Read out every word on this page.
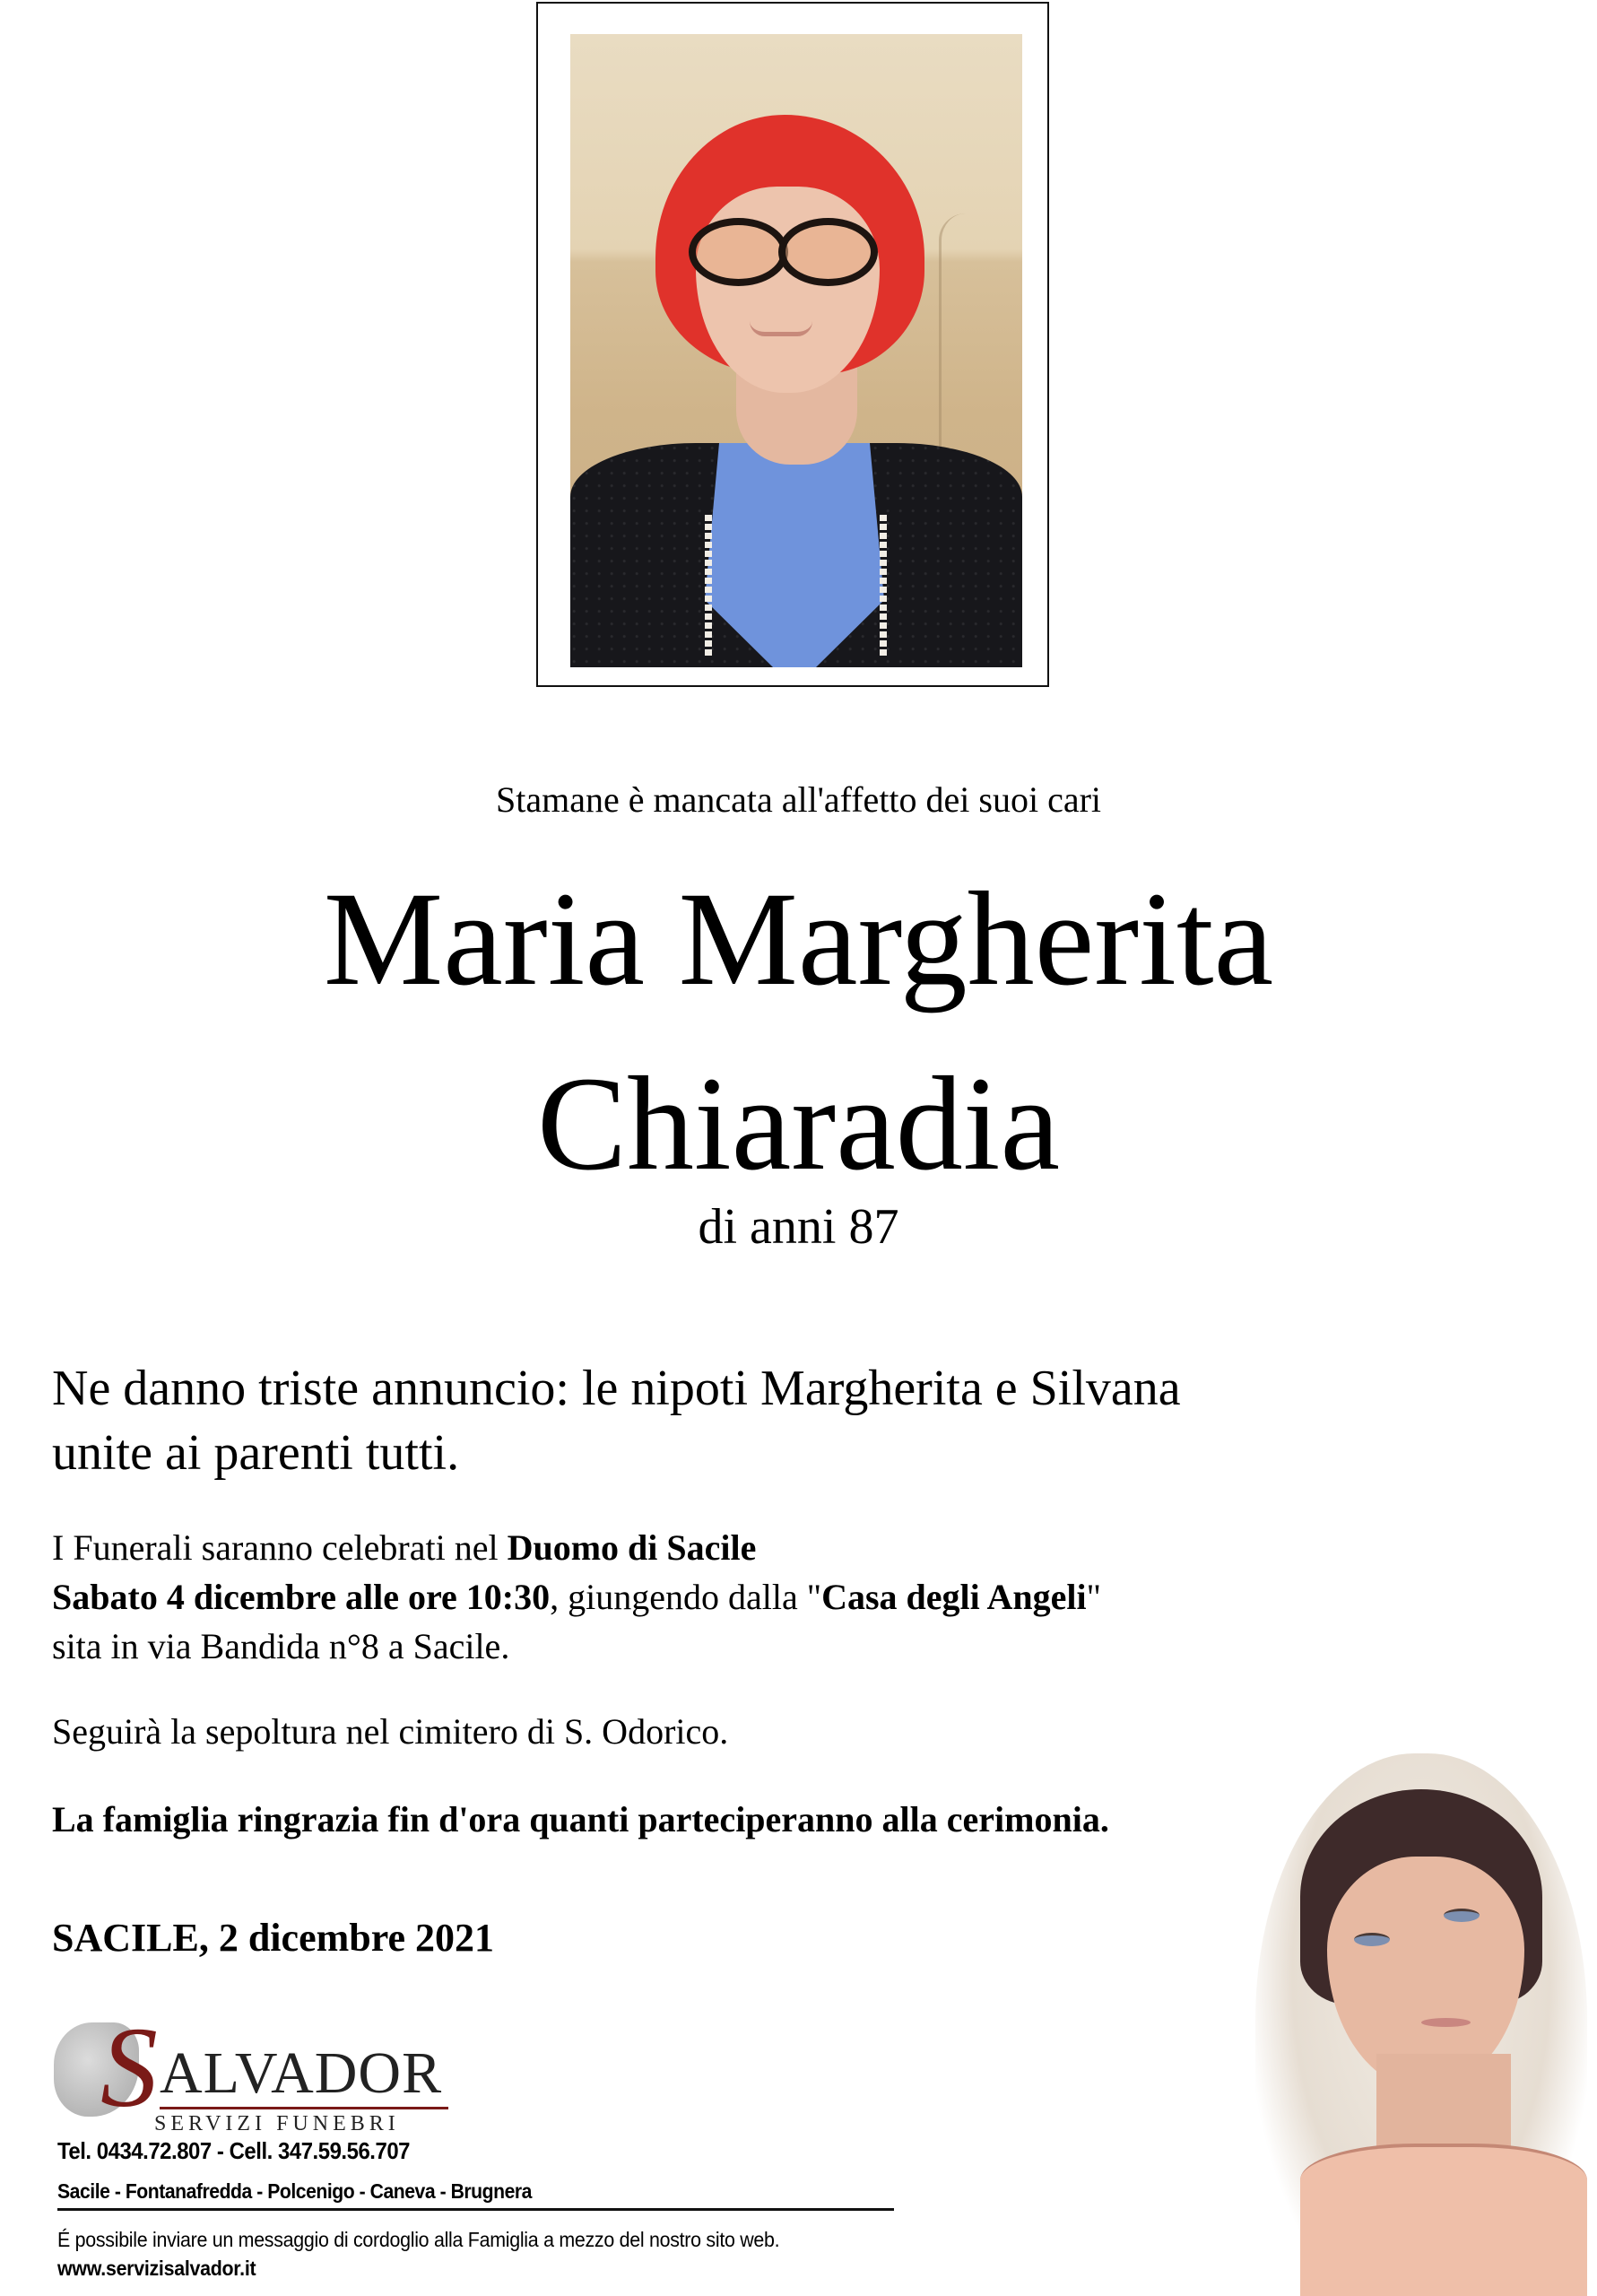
Stamane è mancata all'affetto dei suoi cari
Maria Margherita
Chiaradia
di anni 87
Ne danno triste annuncio: le nipoti Margherita e Silvana
unite ai parenti tutti.
I Funerali saranno celebrati nel Duomo di Sacile
Sabato 4 dicembre alle ore 10:30, giungendo dalla "Casa degli Angeli"
sita in via Bandida n°8 a Sacile.
Seguirà la sepoltura nel cimitero di S. Odorico.
La famiglia ringrazia fin d'ora quanti parteciperanno alla cerimonia.
SACILE, 2 dicembre 2021
S ALVADOR
SERVIZI FUNEBRI
Tel. 0434.72.807 - Cell. 347.59.56.707
Sacile - Fontanafredda - Polcenigo - Caneva - Brugnera
É possibile inviare un messaggio di cordoglio alla Famiglia a mezzo del nostro sito web.
www.servizisalvador.it
